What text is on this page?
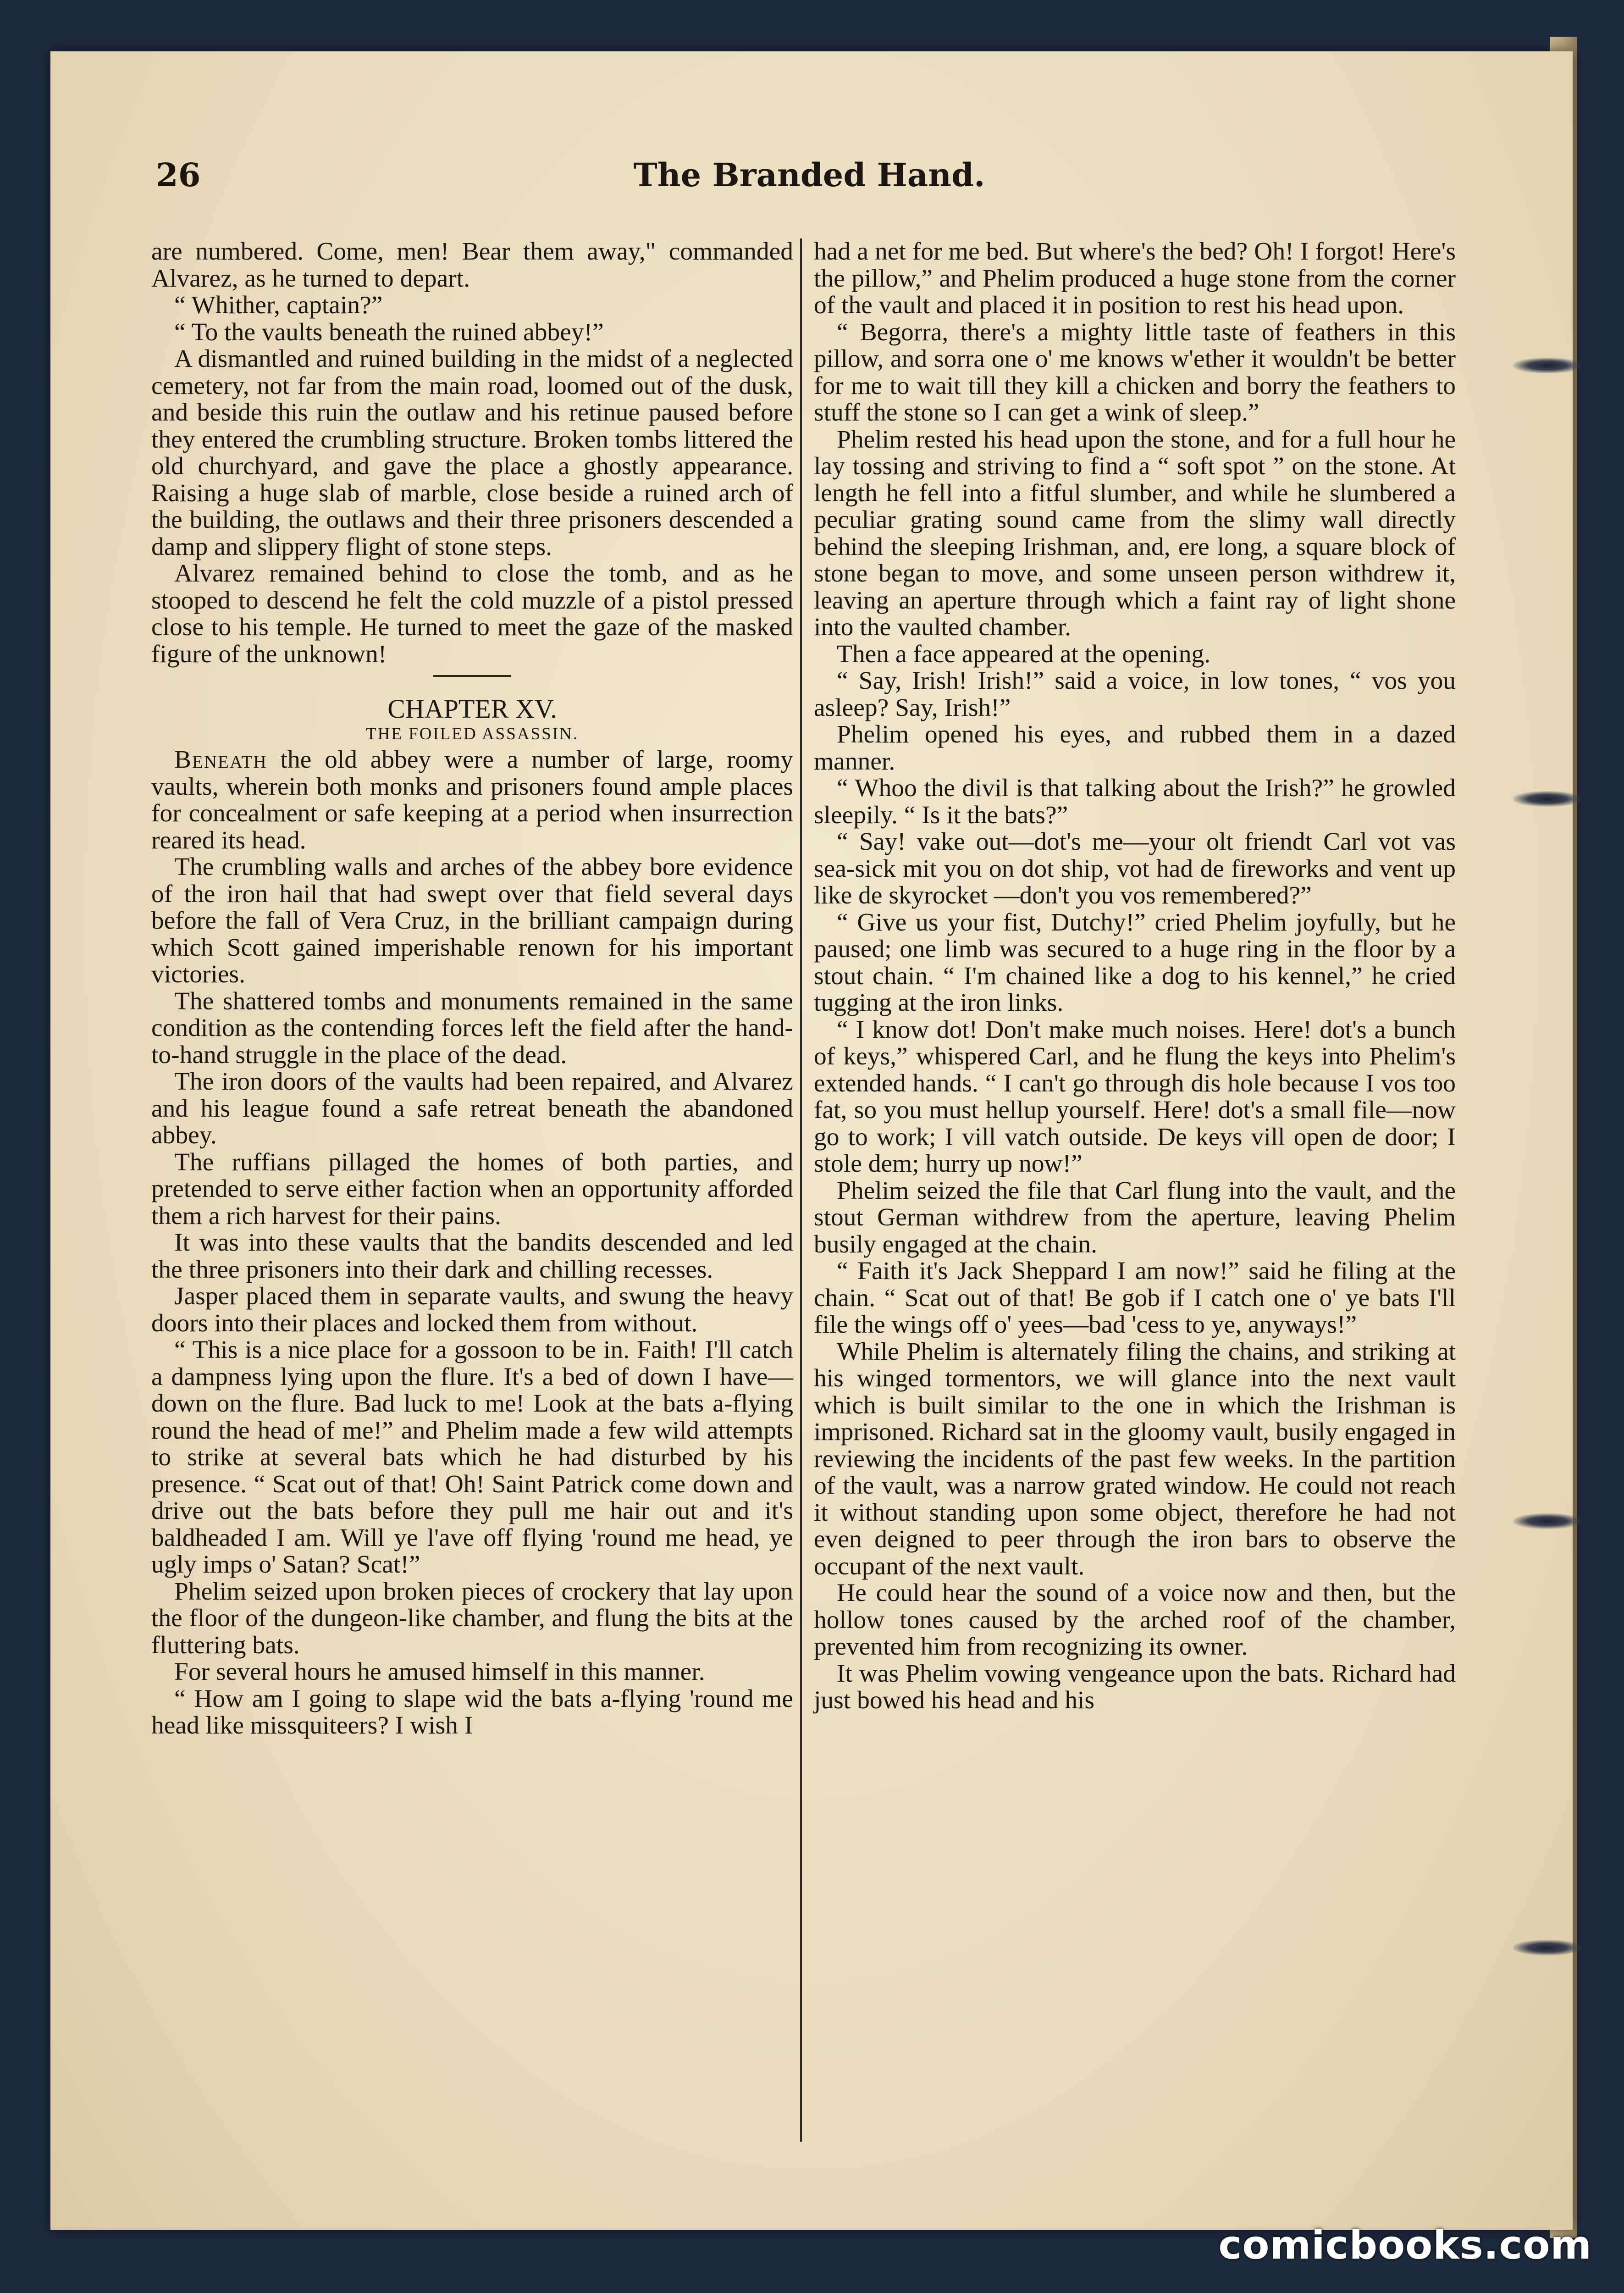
26	The Branded Hand.

are numbered. Come, men! Bear them away," commanded Alvarez, as he turned to depart.

“ Whither, captain?”

“ To the vaults beneath the ruined abbey!”

A dismantled and ruined building in the midst of a neglected cemetery, not far from the main road, loomed out of the dusk, and beside this ruin the outlaw and his retinue paused before they entered the crumbling structure. Broken tombs littered the old churchyard, and gave the place a ghostly appearance. Raising a huge slab of marble, close beside a ruined arch of the building, the outlaws and their three prisoners descended a damp and slippery flight of stone steps.

Alvarez remained behind to close the tomb, and as he stooped to descend he felt the cold muzzle of a pistol pressed close to his temple. He turned to meet the gaze of the masked figure of the unknown!

CHAPTER XV.
THE FOILED ASSASSIN.

Beneath the old abbey were a number of large, roomy vaults, wherein both monks and prisoners found ample places for concealment or safe keeping at a period when insurrection reared its head.

The crumbling walls and arches of the abbey bore evidence of the iron hail that had swept over that field several days before the fall of Vera Cruz, in the brilliant campaign during which Scott gained imperishable renown for his important victories.

The shattered tombs and monuments remained in the same condition as the contending forces left the field after the hand-to-hand struggle in the place of the dead.

The iron doors of the vaults had been repaired, and Alvarez and his league found a safe retreat beneath the abandoned abbey.

The ruffians pillaged the homes of both parties, and pretended to serve either faction when an opportunity afforded them a rich harvest for their pains.

It was into these vaults that the bandits descended and led the three prisoners into their dark and chilling recesses.

Jasper placed them in separate vaults, and swung the heavy doors into their places and locked them from without.

“ This is a nice place for a gossoon to be in. Faith! I'll catch a dampness lying upon the flure. It's a bed of down I have—down on the flure. Bad luck to me! Look at the bats a-flying round the head of me!” and Phelim made a few wild attempts to strike at several bats which he had disturbed by his presence. “ Scat out of that! Oh! Saint Patrick come down and drive out the bats before they pull me hair out and it's baldheaded I am. Will ye l'ave off flying 'round me head, ye ugly imps o' Satan? Scat!”

Phelim seized upon broken pieces of crockery that lay upon the floor of the dungeon-like chamber, and flung the bits at the fluttering bats.

For several hours he amused himself in this manner.

“ How am I going to slape wid the bats a-flying 'round me head like missquiteers? I wish I

had a net for me bed. But where's the bed? Oh! I forgot! Here's the pillow,” and Phelim produced a huge stone from the corner of the vault and placed it in position to rest his head upon.

“ Begorra, there's a mighty little taste of feathers in this pillow, and sorra one o' me knows w'ether it wouldn't be better for me to wait till they kill a chicken and borry the feathers to stuff the stone so I can get a wink of sleep.”

Phelim rested his head upon the stone, and for a full hour he lay tossing and striving to find a “ soft spot ” on the stone. At length he fell into a fitful slumber, and while he slumbered a peculiar grating sound came from the slimy wall directly behind the sleeping Irishman, and, ere long, a square block of stone began to move, and some unseen person withdrew it, leaving an aperture through which a faint ray of light shone into the vaulted chamber.

Then a face appeared at the opening.

“ Say, Irish! Irish!” said a voice, in low tones, “ vos you asleep? Say, Irish!”

Phelim opened his eyes, and rubbed them in a dazed manner.

“ Whoo the divil is that talking about the Irish?” he growled sleepily. “ Is it the bats?”

“ Say! vake out—dot's me—your olt friendt Carl vot vas sea-sick mit you on dot ship, vot had de fireworks and vent up like de skyrocket —don't you vos remembered?”

“ Give us your fist, Dutchy!” cried Phelim joyfully, but he paused; one limb was secured to a huge ring in the floor by a stout chain. “ I'm chained like a dog to his kennel,” he cried tugging at the iron links.

“ I know dot! Don't make much noises. Here! dot's a bunch of keys,” whispered Carl, and he flung the keys into Phelim's extended hands. “ I can't go through dis hole because I vos too fat, so you must hellup yourself. Here! dot's a small file—now go to work; I vill vatch outside. De keys vill open de door; I stole dem; hurry up now!”

Phelim seized the file that Carl flung into the vault, and the stout German withdrew from the aperture, leaving Phelim busily engaged at the chain.

“ Faith it's Jack Sheppard I am now!” said he filing at the chain. “ Scat out of that! Be gob if I catch one o' ye bats I'll file the wings off o' yees—bad 'cess to ye, anyways!”

While Phelim is alternately filing the chains, and striking at his winged tormentors, we will glance into the next vault which is built similar to the one in which the Irishman is imprisoned. Richard sat in the gloomy vault, busily engaged in reviewing the incidents of the past few weeks. In the partition of the vault, was a narrow grated window. He could not reach it without standing upon some object, therefore he had not even deigned to peer through the iron bars to observe the occupant of the next vault.

He could hear the sound of a voice now and then, but the hollow tones caused by the arched roof of the chamber, prevented him from recognizing its owner.

It was Phelim vowing vengeance upon the bats. Richard had just bowed his head and his

comicbooks.com
